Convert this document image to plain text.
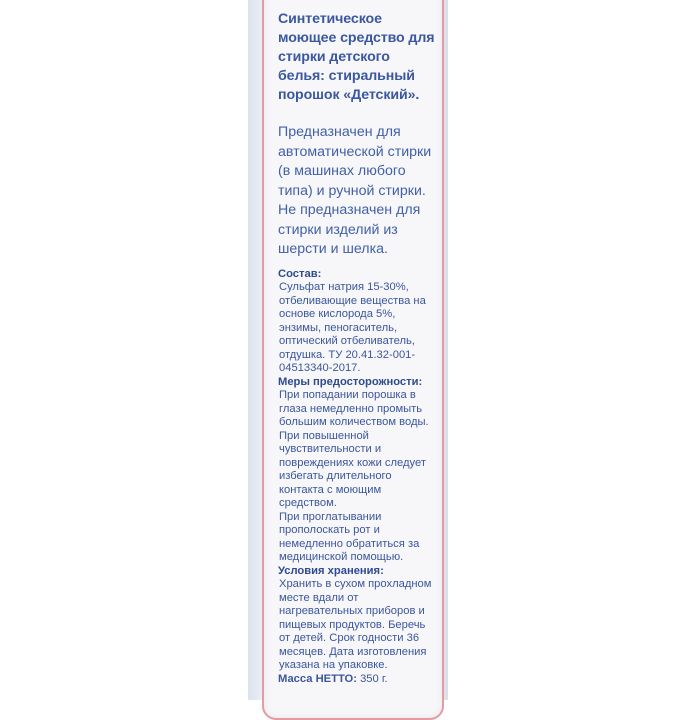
Синтетическое моющее средство для стирки детского белья: стиральный порошок «Детский».

Предназначен для автоматической стирки (в машинах любого типа) и ручной стирки. Не предназначен для стирки изделий из шерсти и шелка.

Состав:
Сульфат натрия 15-30%, отбеливающие вещества на основе кислорода 5%, энзимы, пеногаситель, оптический отбеливатель, отдушка. ТУ 20.41.32-001-04513340-2017.
Меры предосторожности:
При попадании порошка в глаза немедленно промыть большим количеством воды.
При повышенной чувствительности и повреждениях кожи следует избегать длительного контакта с моющим средством.
При проглатывании прополоскать рот и немедленно обратиться за медицинской помощью.
Условия хранения:
Хранить в сухом прохладном месте вдали от нагревательных приборов и пищевых продуктов. Беречь от детей. Срок годности 36 месяцев. Дата изготовления указана на упаковке.
Масса НЕТТО: 350 г.
